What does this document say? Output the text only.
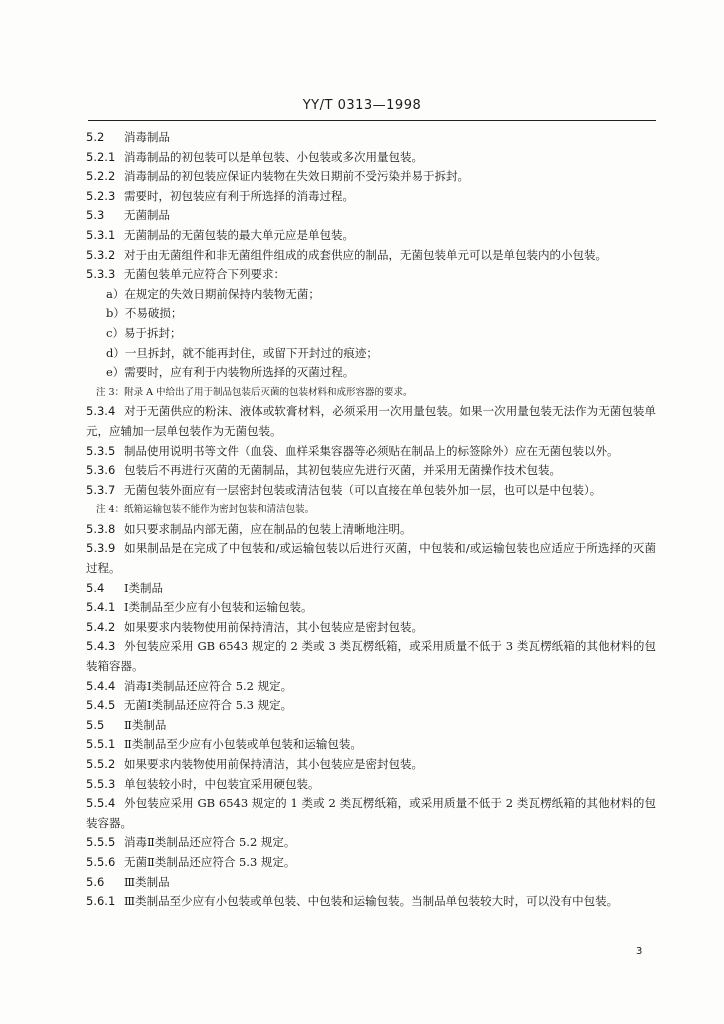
YY/T 0313—1998

5.2 消毒制品

5.2.1 消毒制品的初包装可以是单包装、小包装或多次用量包装。

5.2.2 消毒制品的初包装应保证内装物在失效日期前不受污染并易于拆封。

5.2.3 需要时，初包装应有利于所选择的消毒过程。

5.3 无菌制品

5.3.1 无菌制品的无菌包装的最大单元应是单包装。

5.3.2 对于由无菌组件和非无菌组件组成的成套供应的制品，无菌包装单元可以是单包装内的小包装。

5.3.3 无菌包装单元应符合下列要求：

a）在规定的失效日期前保持内装物无菌；

b）不易破损；

c）易于拆封；

d）一旦拆封，就不能再封住，或留下开封过的痕迹；

e）需要时，应有利于内装物所选择的灭菌过程。

注 3：附录 A 中给出了用于制品包装后灭菌的包装材料和成形容器的要求。

5.3.4 对于无菌供应的粉沫、液体或软膏材料，必须采用一次用量包装。如果一次用量包装无法作为无菌包装单元，应辅加一层单包装作为无菌包装。

5.3.5 制品使用说明书等文件（血袋、血样采集容器等必须贴在制品上的标签除外）应在无菌包装以外。

5.3.6 包装后不再进行灭菌的无菌制品，其初包装应先进行灭菌，并采用无菌操作技术包装。

5.3.7 无菌包装外面应有一层密封包装或清洁包装（可以直接在单包装外加一层，也可以是中包装）。

注 4：纸箱运输包装不能作为密封包装和清洁包装。

5.3.8 如只要求制品内部无菌，应在制品的包装上清晰地注明。

5.3.9 如果制品是在完成了中包装和/或运输包装以后进行灭菌，中包装和/或运输包装也应适应于所选择的灭菌过程。

5.4 Ⅰ类制品

5.4.1 Ⅰ类制品至少应有小包装和运输包装。

5.4.2 如果要求内装物使用前保持清洁，其小包装应是密封包装。

5.4.3 外包装应采用 GB 6543 规定的 2 类或 3 类瓦楞纸箱，或采用质量不低于 3 类瓦楞纸箱的其他材料的包装箱容器。

5.4.4 消毒Ⅰ类制品还应符合 5.2 规定。

5.4.5 无菌Ⅰ类制品还应符合 5.3 规定。

5.5 Ⅱ类制品

5.5.1 Ⅱ类制品至少应有小包装或单包装和运输包装。

5.5.2 如果要求内装物使用前保持清洁，其小包装应是密封包装。

5.5.3 单包装较小时，中包装宜采用硬包装。

5.5.4 外包装应采用 GB 6543 规定的 1 类或 2 类瓦楞纸箱，或采用质量不低于 2 类瓦楞纸箱的其他材料的包装容器。

5.5.5 消毒Ⅱ类制品还应符合 5.2 规定。

5.5.6 无菌Ⅱ类制品还应符合 5.3 规定。

5.6 Ⅲ类制品

5.6.1 Ⅲ类制品至少应有小包装或单包装、中包装和运输包装。当制品单包装较大时，可以没有中包装。

3
